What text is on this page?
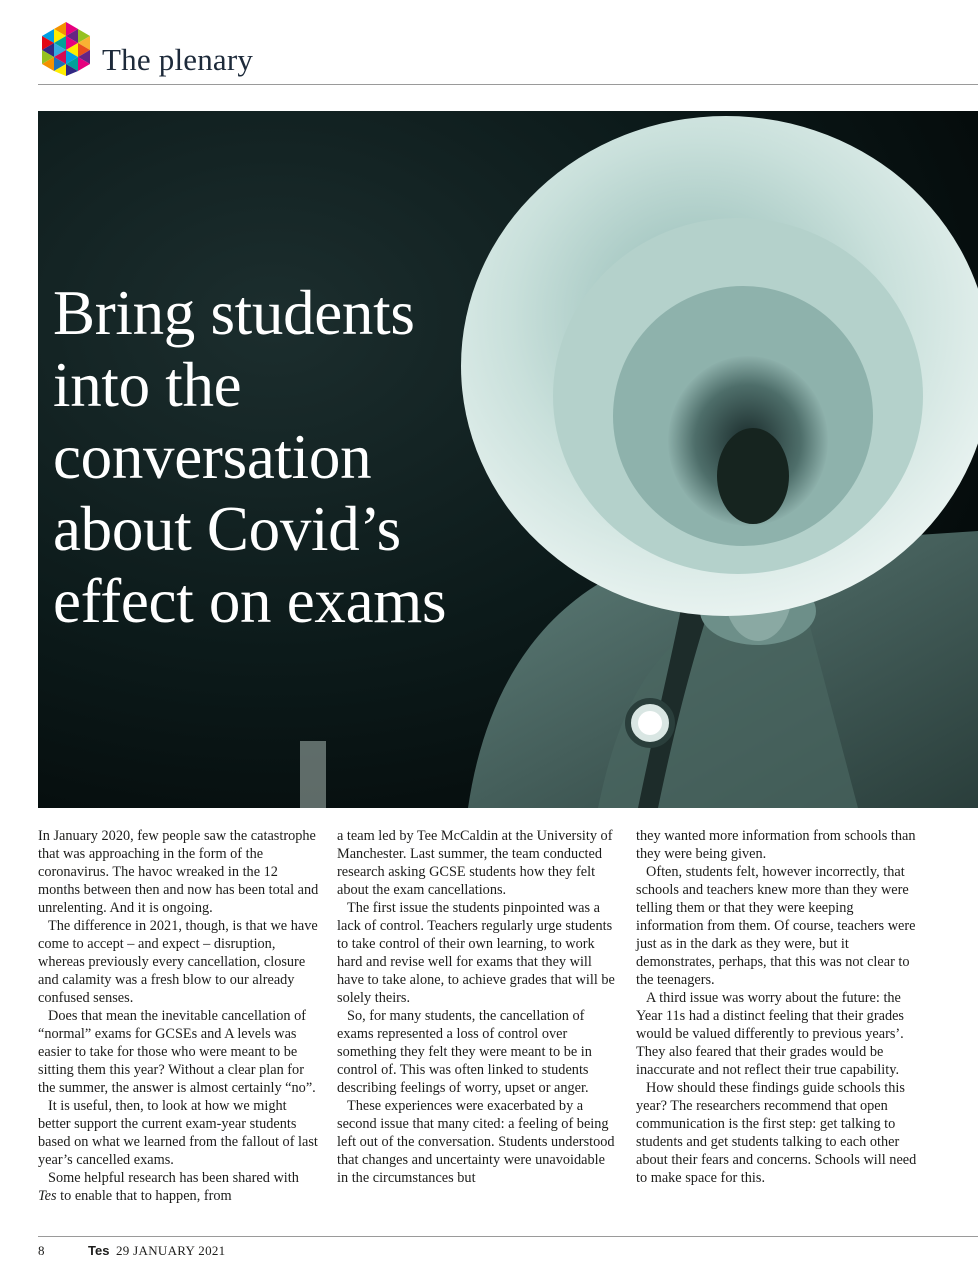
The plenary
Bring students
into the
conversation
about Covid’s
effect on exams

In January 2020, few people saw the catastrophe that was approaching in the form of the coronavirus. The havoc wreaked in the 12 months between then and now has been total and unrelenting. And it is ongoing.

The difference in 2021, though, is that we have come to accept – and expect – disruption, whereas previously every cancellation, closure and calamity was a fresh blow to our already confused senses.

Does that mean the inevitable cancellation of “normal” exams for GCSEs and A levels was easier to take for those who were meant to be sitting them this year? Without a clear plan for the summer, the answer is almost certainly “no”.

It is useful, then, to look at how we might better support the current exam-year students based on what we learned from the fallout of last year’s cancelled exams.

Some helpful research has been shared with Tes to enable that to happen, from

a team led by Tee McCaldin at the University of Manchester. Last summer, the team conducted research asking GCSE students how they felt about the exam cancellations.

The first issue the students pinpointed was a lack of control. Teachers regularly urge students to take control of their own learning, to work hard and revise well for exams that they will have to take alone, to achieve grades that will be solely theirs.

So, for many students, the cancellation of exams represented a loss of control over something they felt they were meant to be in control of. This was often linked to students describing feelings of worry, upset or anger.

These experiences were exacerbated by a second issue that many cited: a feeling of being left out of the conversation. Students understood that changes and uncertainty were unavoidable in the circumstances but

they wanted more information from schools than they were being given.

Often, students felt, however incorrectly, that schools and teachers knew more than they were telling them or that they were keeping information from them. Of course, teachers were just as in the dark as they were, but it demonstrates, perhaps, that this was not clear to the teenagers.

A third issue was worry about the future: the Year 11s had a distinct feeling that their grades would be valued differently to previous years’. They also feared that their grades would be inaccurate and not reflect their true capability.

How should these findings guide schools this year? The researchers recommend that open communication is the first step: get talking to students and get students talking to each other about their fears and concerns. Schools will need to make space for this.

8	Tes 29 JANUARY 2021
